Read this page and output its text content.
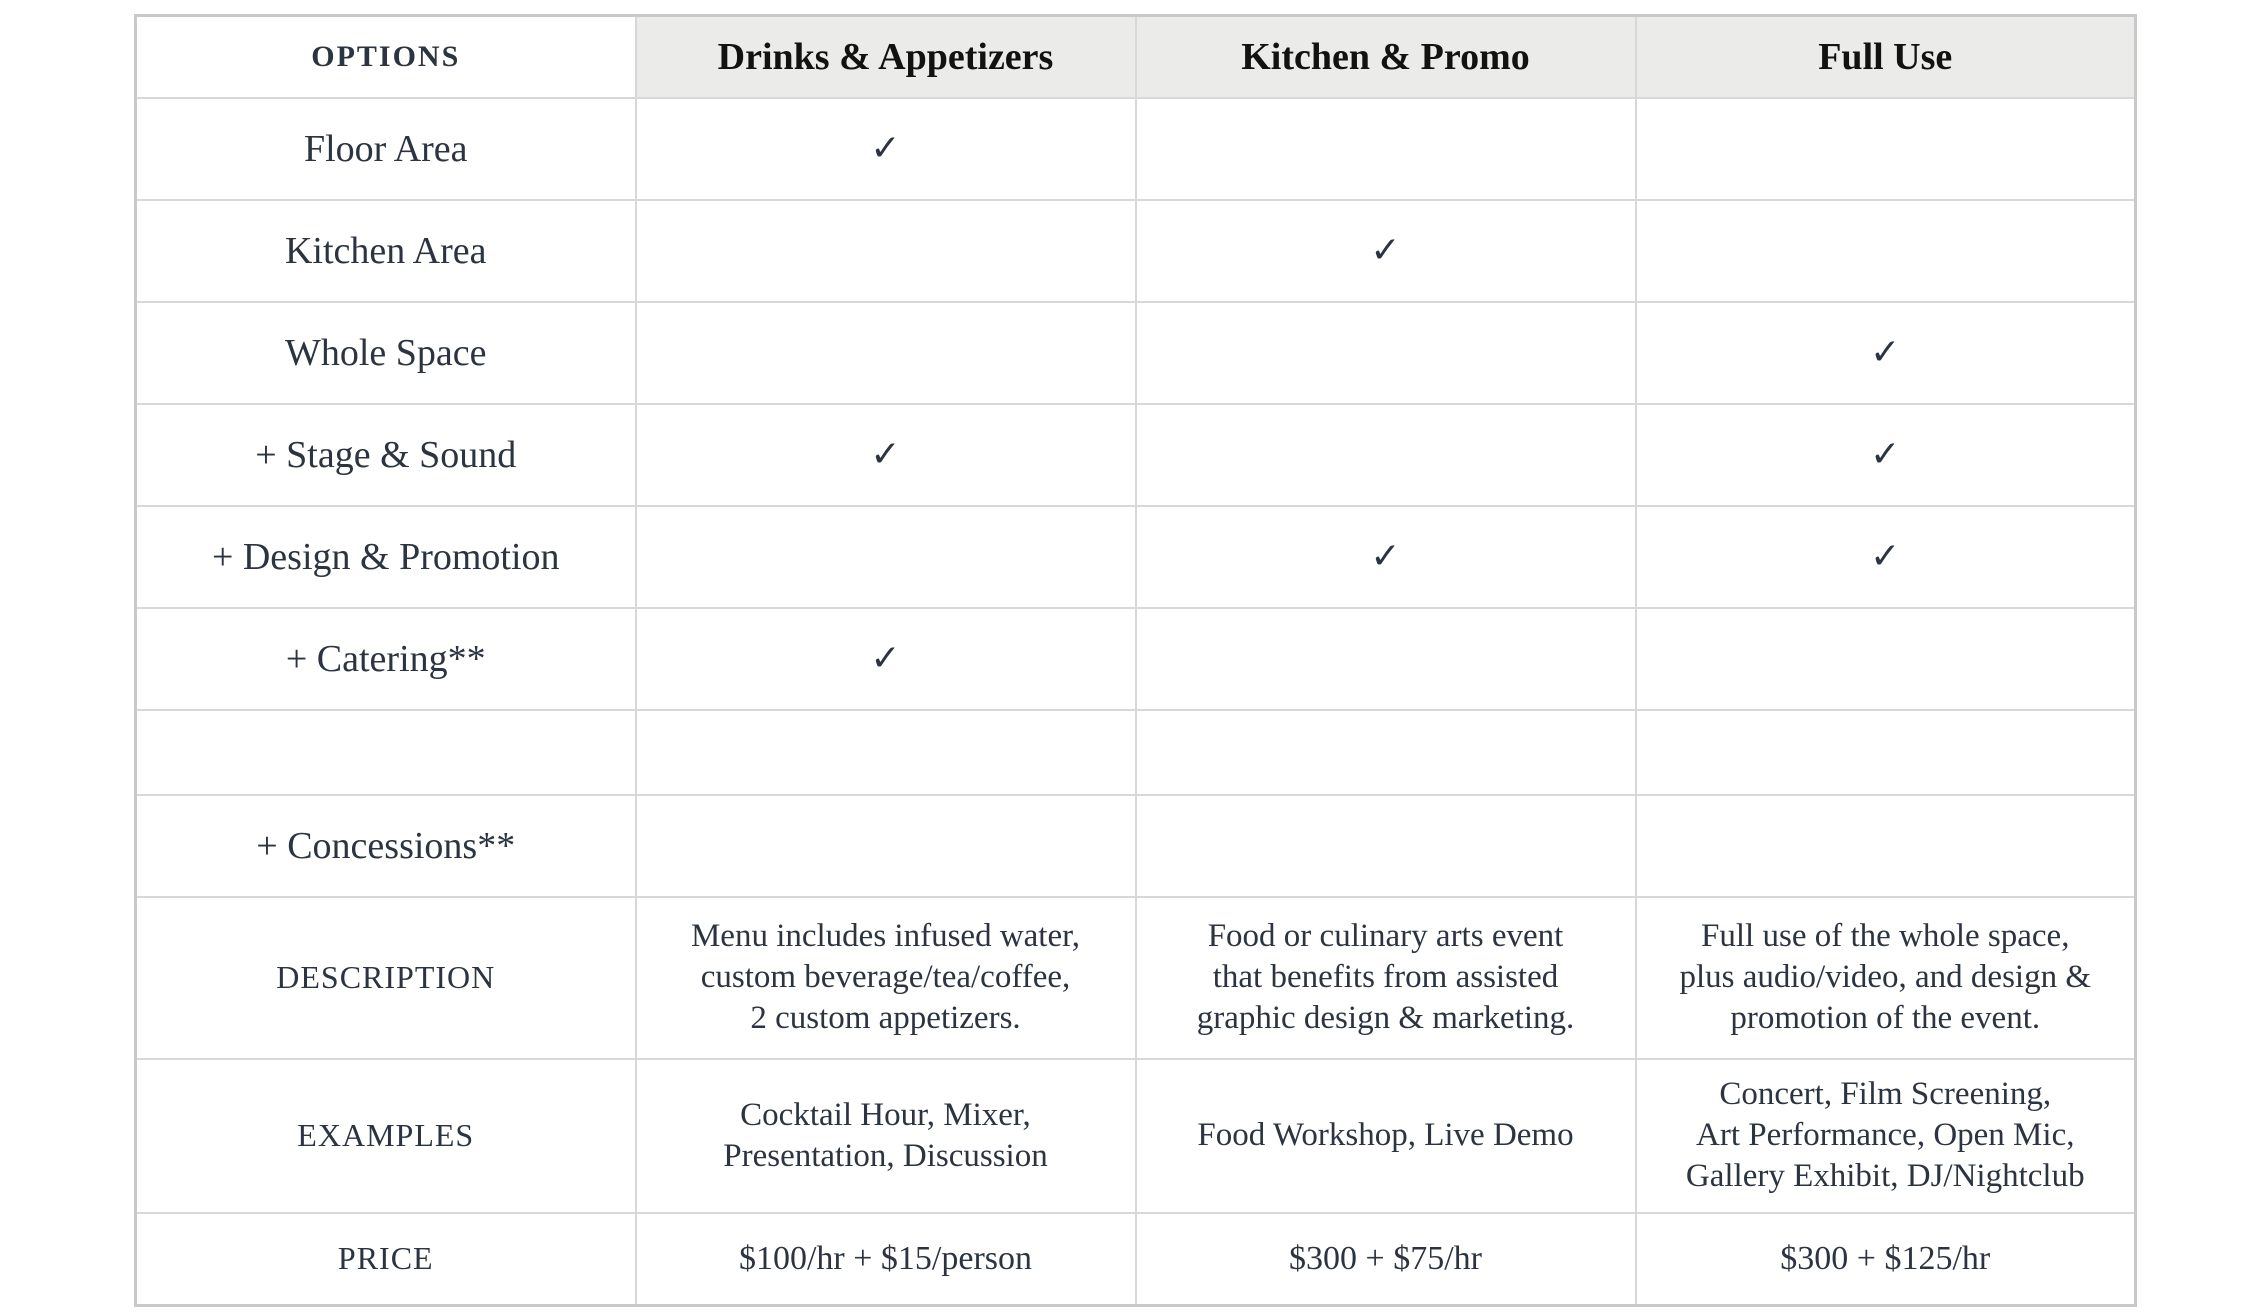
OPTIONS	Drinks & Appetizers	Kitchen & Promo	Full Use
Floor Area	✓		
Kitchen Area		✓	
Whole Space			✓
+ Stage & Sound	✓		✓
+ Design & Promotion		✓	✓
+ Catering**	✓		

+ Concessions**			
DESCRIPTION	Menu includes infused water,
custom beverage/tea/coffee,
2 custom appetizers.	Food or culinary arts event
that benefits from assisted
graphic design & marketing.	Full use of the whole space,
plus audio/video, and design &
promotion of the event.
EXAMPLES	Cocktail Hour, Mixer,
Presentation, Discussion	Food Workshop, Live Demo	Concert, Film Screening,
Art Performance, Open Mic,
Gallery Exhibit, DJ/Nightclub
PRICE	$100/hr + $15/person	$300 + $75/hr	$300 + $125/hr
